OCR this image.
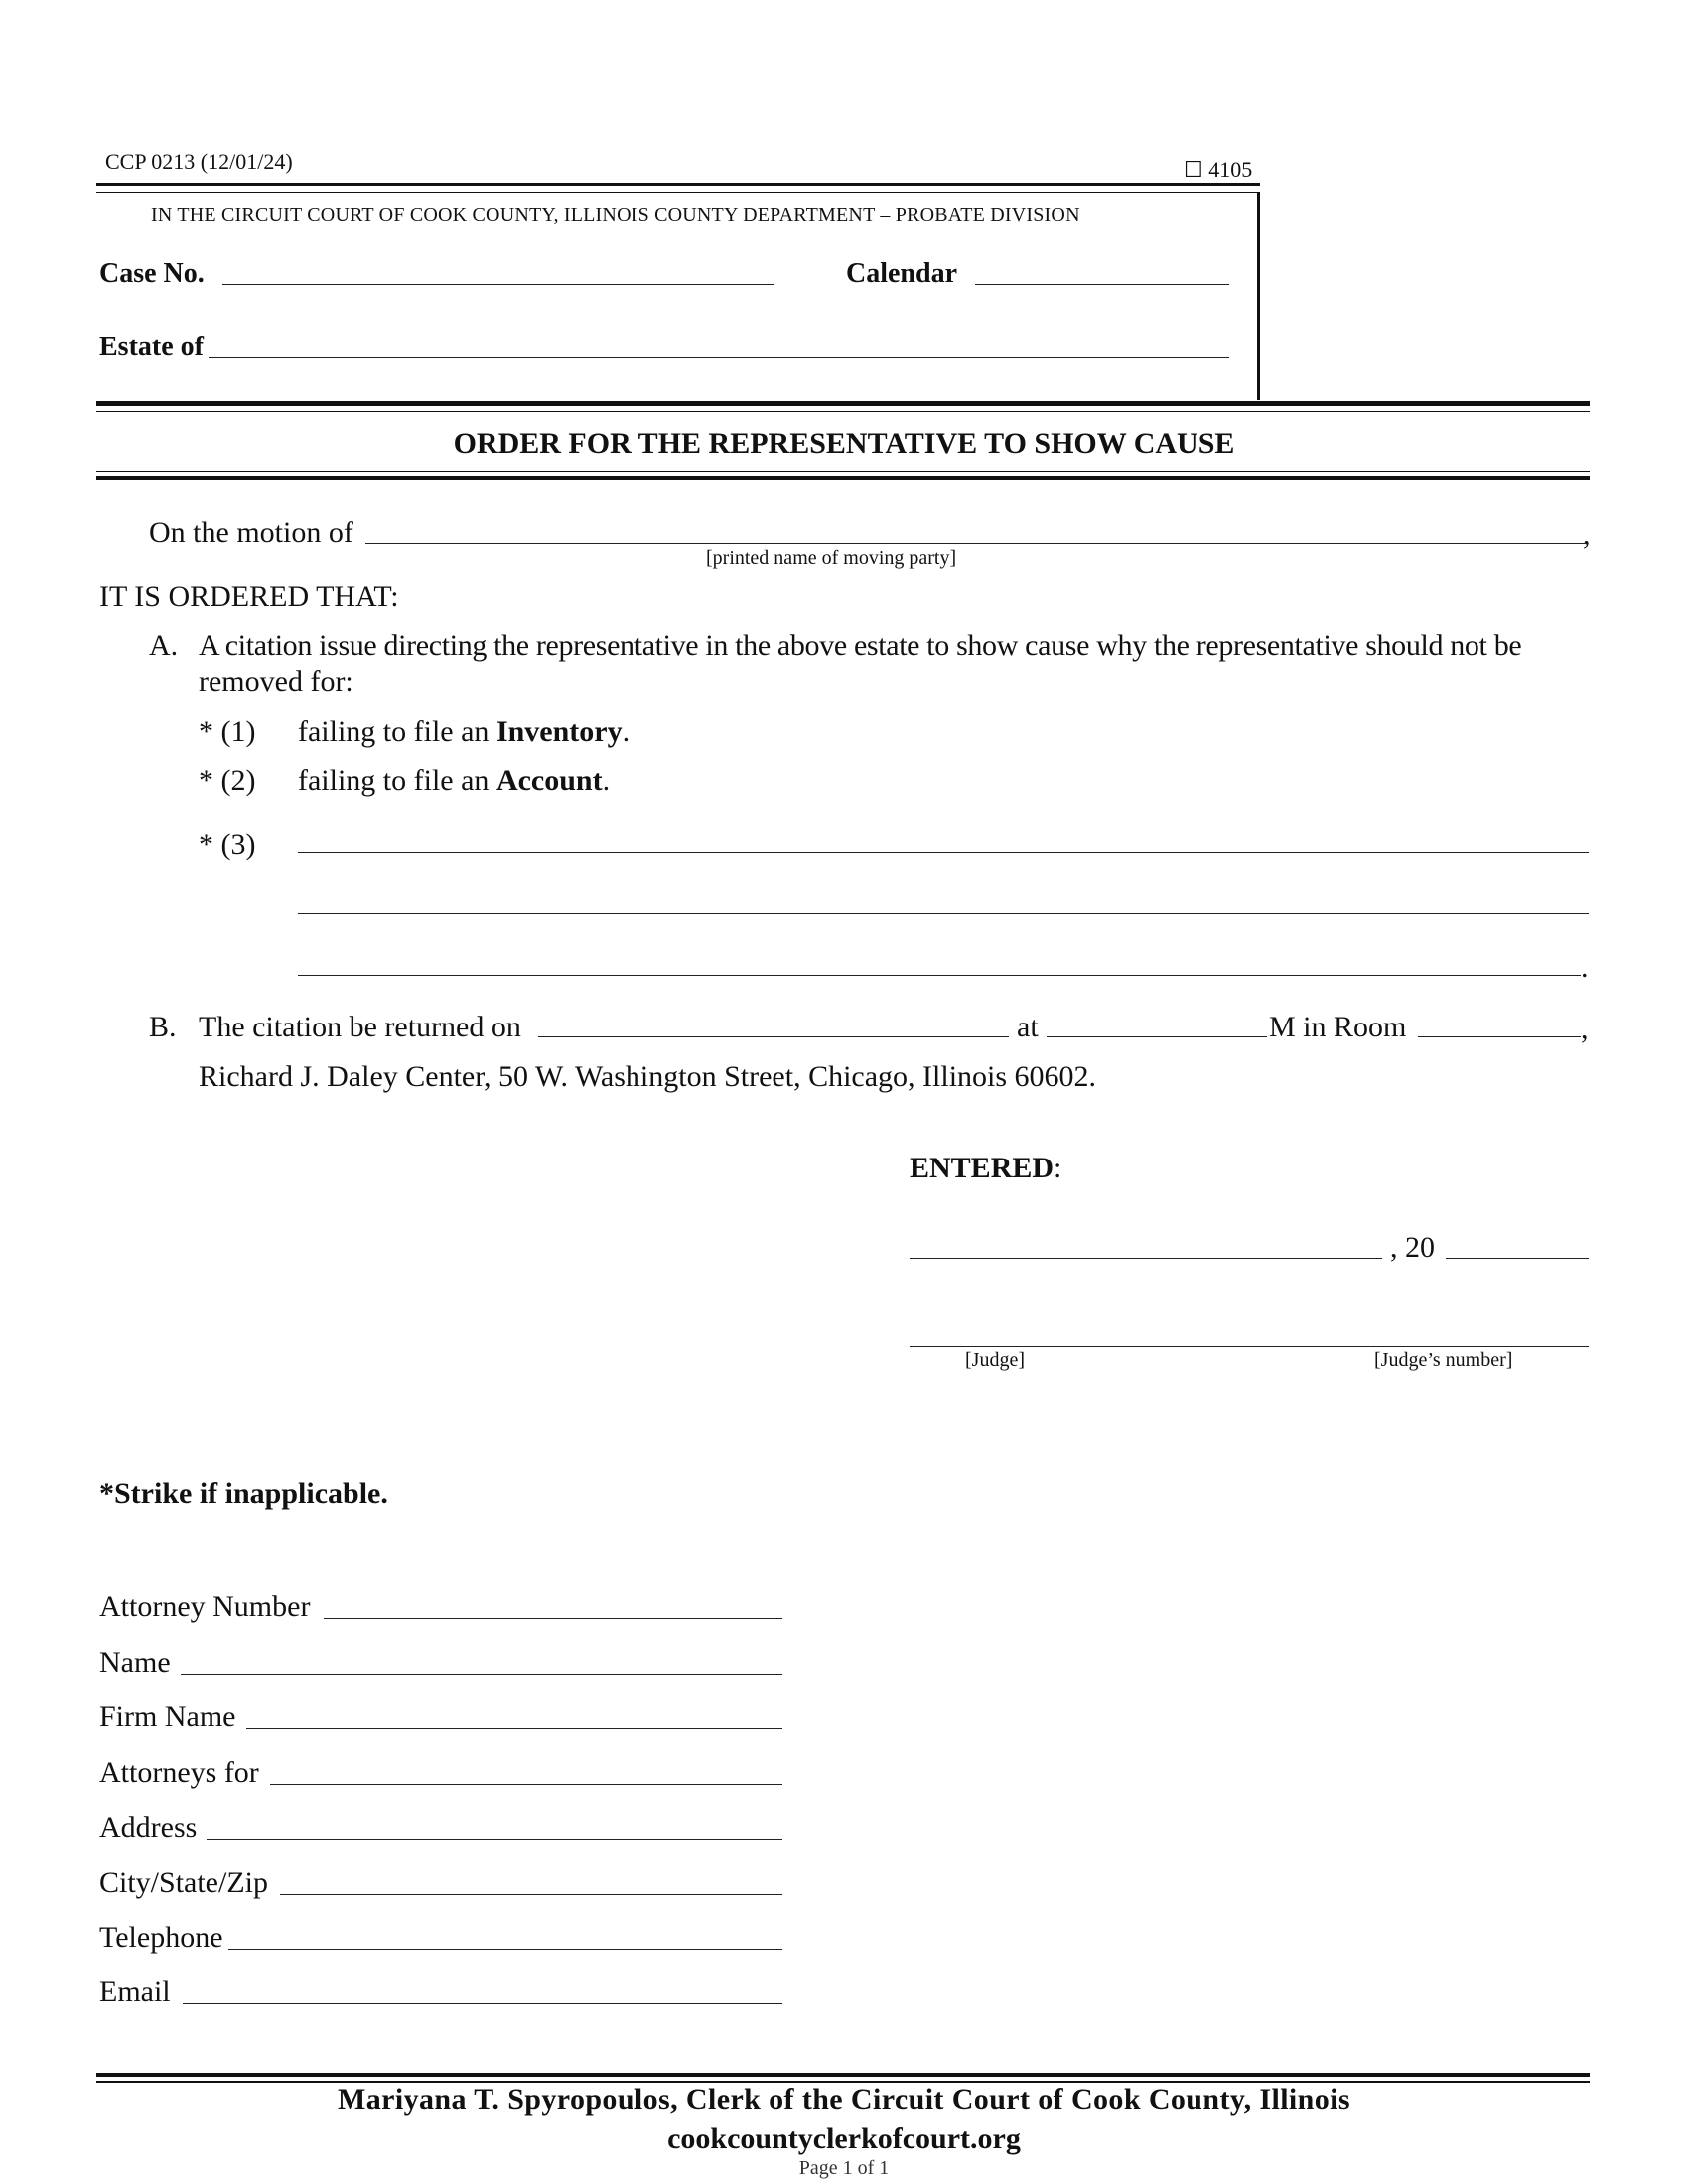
CCP 0213 (12/01/24)	☐ 4105
IN THE CIRCUIT COURT OF COOK COUNTY, ILLINOIS COUNTY DEPARTMENT – PROBATE DIVISION
Case No.	Calendar
Estate of
ORDER FOR THE REPRESENTATIVE TO SHOW CAUSE
On the motion of	,
[printed name of moving party]
IT IS ORDERED THAT:
A. A citation issue directing the representative in the above estate to show cause why the representative should not be
removed for:
* (1) failing to file an Inventory.
* (2) failing to file an Account.
* (3)
.
B. The citation be returned on	at	M in Room	,
Richard J. Daley Center, 50 W. Washington Street, Chicago, Illinois 60602.
ENTERED:
, 20
[Judge]	[Judge’s number]
*Strike if inapplicable.
Attorney Number
Name
Firm Name
Attorneys for
Address
City/State/Zip
Telephone
Email
Mariyana T. Spyropoulos, Clerk of the Circuit Court of Cook County, Illinois
cookcountyclerkofcourt.org
Page 1 of 1
